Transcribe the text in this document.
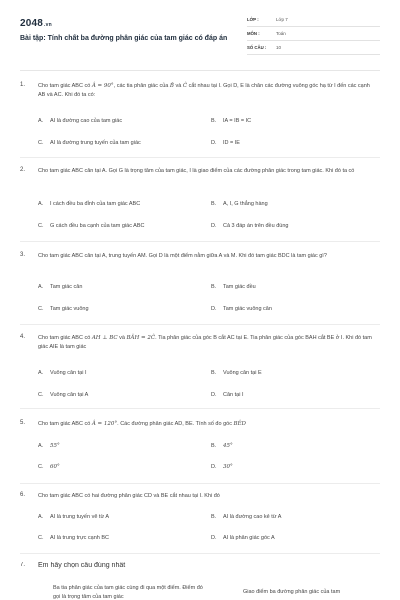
2048.vn
Bài tập: Tính chất ba đường phân giác của tam giác có đáp án
LỚP :	Lớp 7
MÔN :	Toán
SỐ CÂU : 10
1. Cho tam giác ABC có Â = 90°, các tia phân giác của B̂ và Ĉ cắt nhau tại I. Gọi D, E là chân các đường vuông góc hạ từ I đến các cạnh AB và AC. Khi đó ta có:
A. AI là đường cao của tam giác	B. IA = IB = IC
C. AI là đường trung tuyến của tam giác	D. ID = IE
2. Cho tam giác ABC cân tại A. Gọi G là trọng tâm của tam giác, I là giao điểm của các đường phân giác trong tam giác. Khi đó ta có
A. I cách đều ba đỉnh của tam giác ABC	B. A, I, G thẳng hàng
C. G cách đều ba cạnh của tam giác ABC	D. Cả 3 đáp án trên đều đúng
3. Cho tam giác ABC cân tại A, trung tuyến AM. Gọi D là một điểm nằm giữa A và M. Khi đó tam giác BDC là tam giác gì?
A. Tam giác cân	B. Tam giác đều
C. Tam giác vuông	D. Tam giác vuông cân
4. Cho tam giác ABC có AH ⊥ BC và BÂH = 2Ĉ. Tia phân giác của góc B cắt AC tại E. Tia phân giác của góc BAH cắt BE ở I. Khi đó tam giác AIE là tam giác
A. Vuông cân tại I	B. Vuông cân tại E
C. Vuông cân tại A	D. Cân tại I
5. Cho tam giác ABC có Â = 120°. Các đường phân giác AD, BE. Tính số đo góc BÊD
A. 55°	B. 45°
C. 60°	D. 30°
6. Cho tam giác ABC có hai đường phân giác CD và BE cắt nhau tại I. Khi đó
A. AI là trung tuyến vẽ từ A	B. AI là đường cao kẻ từ A
C. AI là trung trực cạnh BC	D. AI là phân giác góc A
7. Em hãy chọn câu đúng nhất
Ba tia phân giác của tam giác cùng đi qua một điểm. Điểm đó gọi là trọng tâm của tam giác
Giao điểm ba đường phân giác của tam
